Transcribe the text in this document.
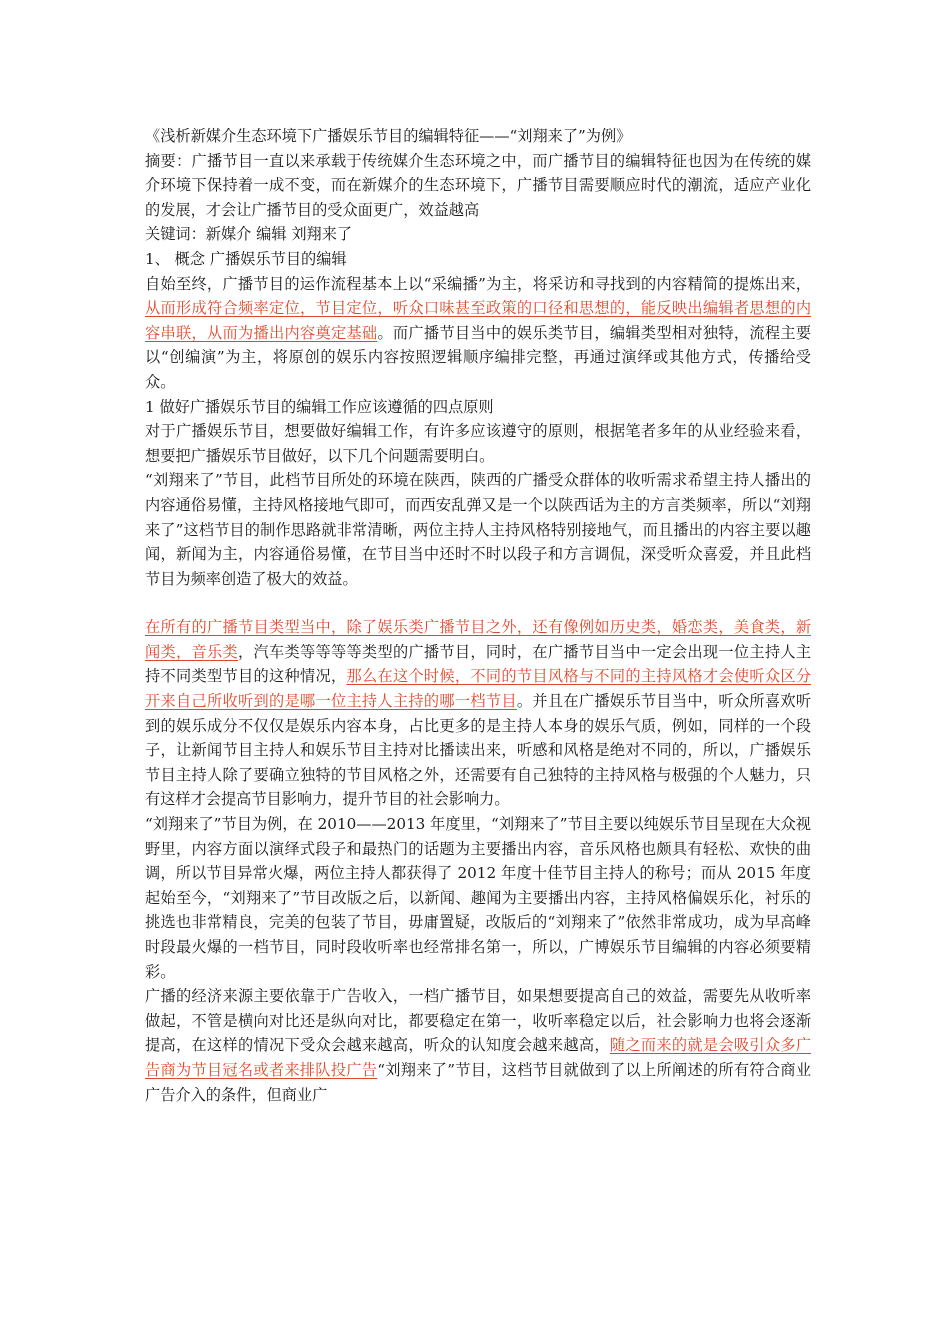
《浅析新媒介生态环境下广播娱乐节目的编辑特征——“刘翔来了”为例》

摘要：广播节目一直以来承载于传统媒介生态环境之中，而广播节目的编辑特征也因为在传统的媒介环境下保持着一成不变，而在新媒介的生态环境下，广播节目需要顺应时代的潮流，适应产业化的发展，才会让广播节目的受众面更广，效益越高

关键词：新媒介 编辑 刘翔来了

1、 概念 广播娱乐节目的编辑

自始至终，广播节目的运作流程基本上以“采编播”为主，将采访和寻找到的内容精简的提炼出来，从而形成符合频率定位，节目定位，听众口味甚至政策的口径和思想的，能反映出编辑者思想的内容串联，从而为播出内容奠定基础。而广播节目当中的娱乐类节目，编辑类型相对独特，流程主要以“创编演”为主，将原创的娱乐内容按照逻辑顺序编排完整，再通过演绎或其他方式，传播给受众。

1 做好广播娱乐节目的编辑工作应该遵循的四点原则

对于广播娱乐节目，想要做好编辑工作，有许多应该遵守的原则，根据笔者多年的从业经验来看，想要把广播娱乐节目做好，以下几个问题需要明白。

“刘翔来了”节目，此档节目所处的环境在陕西，陕西的广播受众群体的收听需求希望主持人播出的内容通俗易懂，主持风格接地气即可，而西安乱弹又是一个以陕西话为主的方言类频率，所以“刘翔来了”这档节目的制作思路就非常清晰，两位主持人主持风格特别接地气，而且播出的内容主要以趣闻，新闻为主，内容通俗易懂，在节目当中还时不时以段子和方言调侃，深受听众喜爱，并且此档节目为频率创造了极大的效益。

在所有的广播节目类型当中，除了娱乐类广播节目之外，还有像例如历史类，婚恋类，美食类，新闻类，音乐类，汽车类等等等等类型的广播节目，同时，在广播节目当中一定会出现一位主持人主持不同类型节目的这种情况，那么在这个时候，不同的节目风格与不同的主持风格才会使听众区分开来自己所收听到的是哪一位主持人主持的哪一档节目。并且在广播娱乐节目当中，听众所喜欢听到的娱乐成分不仅仅是娱乐内容本身，占比更多的是主持人本身的娱乐气质，例如，同样的一个段子，让新闻节目主持人和娱乐节目主持对比播读出来，听感和风格是绝对不同的，所以，广播娱乐节目主持人除了要确立独特的节目风格之外，还需要有自己独特的主持风格与极强的个人魅力，只有这样才会提高节目影响力，提升节目的社会影响力。

“刘翔来了”节目为例，在 2010——2013 年度里，“刘翔来了”节目主要以纯娱乐节目呈现在大众视野里，内容方面以演绎式段子和最热门的话题为主要播出内容，音乐风格也颇具有轻松、欢快的曲调，所以节目异常火爆，两位主持人都获得了 2012 年度十佳节目主持人的称号；而从 2015 年度起始至今，“刘翔来了”节目改版之后，以新闻、趣闻为主要播出内容，主持风格偏娱乐化，衬乐的挑选也非常精良，完美的包装了节目，毋庸置疑，改版后的“刘翔来了”依然非常成功，成为早高峰时段最火爆的一档节目，同时段收听率也经常排名第一，所以，广博娱乐节目编辑的内容必须要精彩。

广播的经济来源主要依靠于广告收入，一档广播节目，如果想要提高自己的效益，需要先从收听率做起，不管是横向对比还是纵向对比，都要稳定在第一，收听率稳定以后，社会影响力也将会逐渐提高，在这样的情况下受众会越来越高，听众的认知度会越来越高，随之而来的就是会吸引众多广告商为节目冠名或者来排队投广告“刘翔来了”节目，这档节目就做到了以上所阐述的所有符合商业广告介入的条件，但商业广
